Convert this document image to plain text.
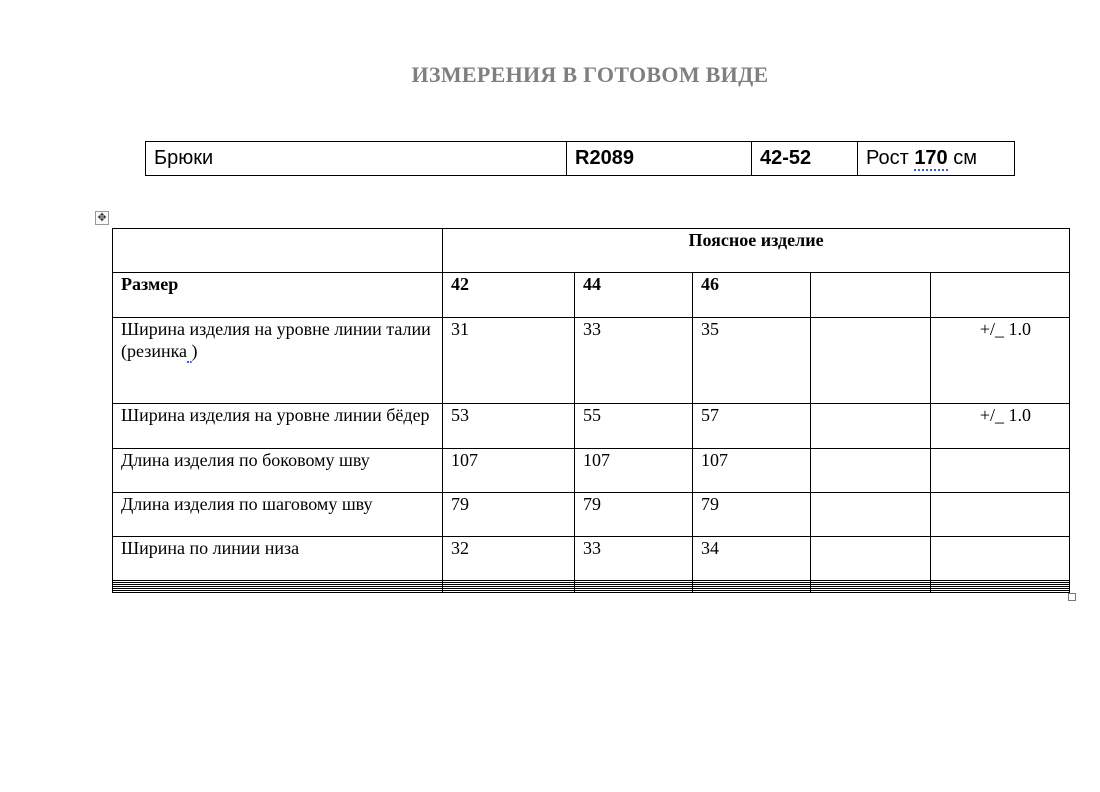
ИЗМЕРЕНИЯ В ГОТОВОМ ВИДЕ
Брюки	R2089	42-52	Рост 170 см
✥
	Поясное изделие				
Размер	42	44	46		
Ширина изделия на уровне линии талии (резинка )	31	33	35		+/_ 1.0
Ширина изделия на уровне линии бёдер	53	55	57		+/_ 1.0
Длина изделия по боковому шву	107	107	107		
Длина изделия по шаговому шву	79	79	79		
Ширина по линии низа	32	33	34		
